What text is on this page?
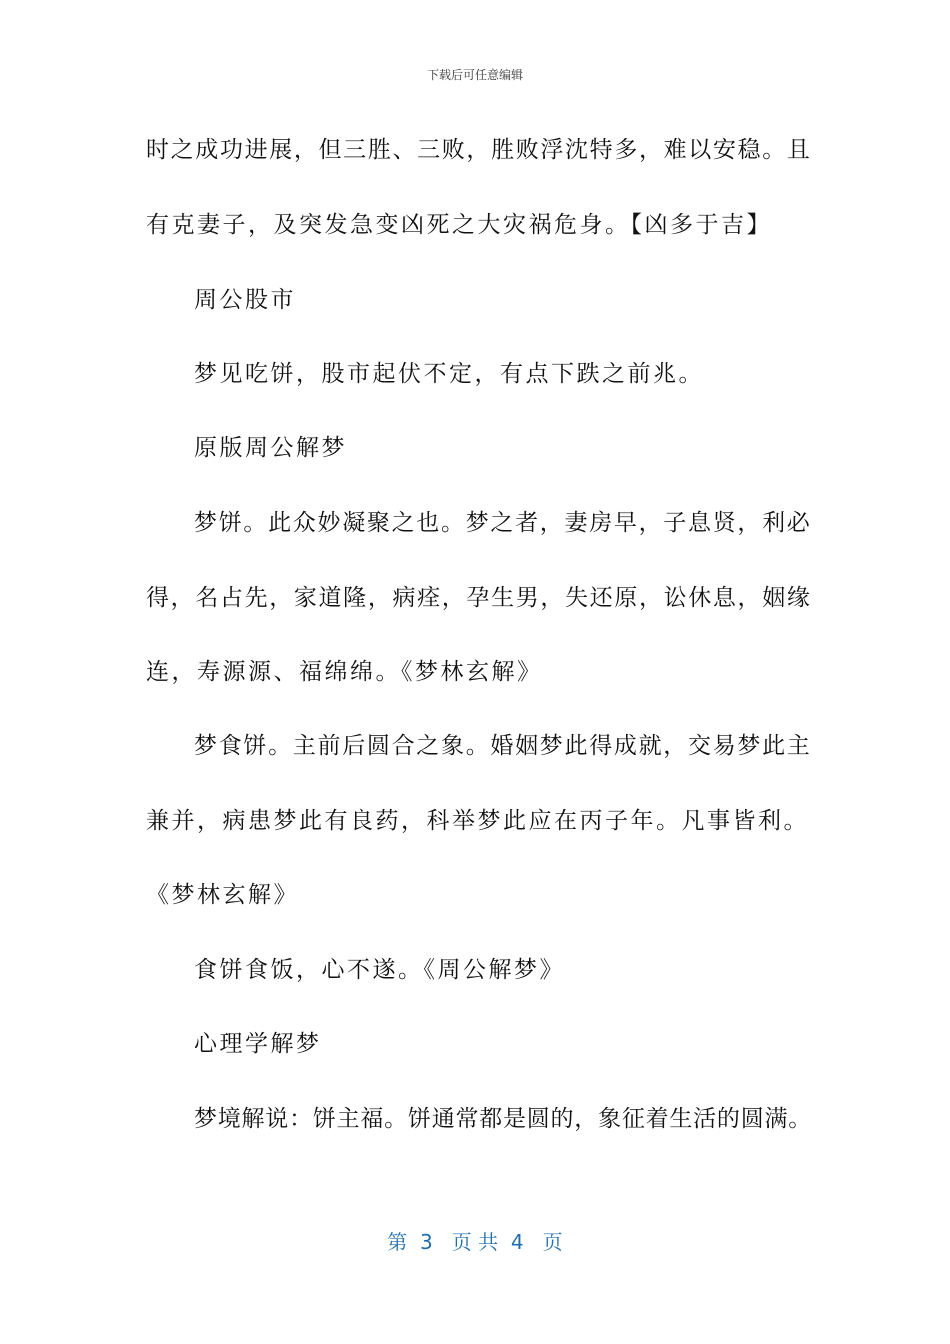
下载后可任意编辑
时之成功进展，但三胜、三败，胜败浮沈特多，难以安稳。且
有克妻子，及突发急变凶死之大灾祸危身。【凶多于吉】
周公股市
梦见吃饼，股市起伏不定，有点下跌之前兆。
原版周公解梦
梦饼。此众妙凝聚之也。梦之者，妻房早，子息贤，利必
得，名占先，家道隆，病痊，孕生男，失还原，讼休息，姻缘
连，寿源源、福绵绵。《梦林玄解》
梦食饼。主前后圆合之象。婚姻梦此得成就，交易梦此主
兼并，病患梦此有良药，科举梦此应在丙子年。凡事皆利。
《梦林玄解》
食饼食饭，心不遂。《周公解梦》
心理学解梦
梦境解说：饼主福。饼通常都是圆的，象征着生活的圆满。
第  3   页 共  4   页
